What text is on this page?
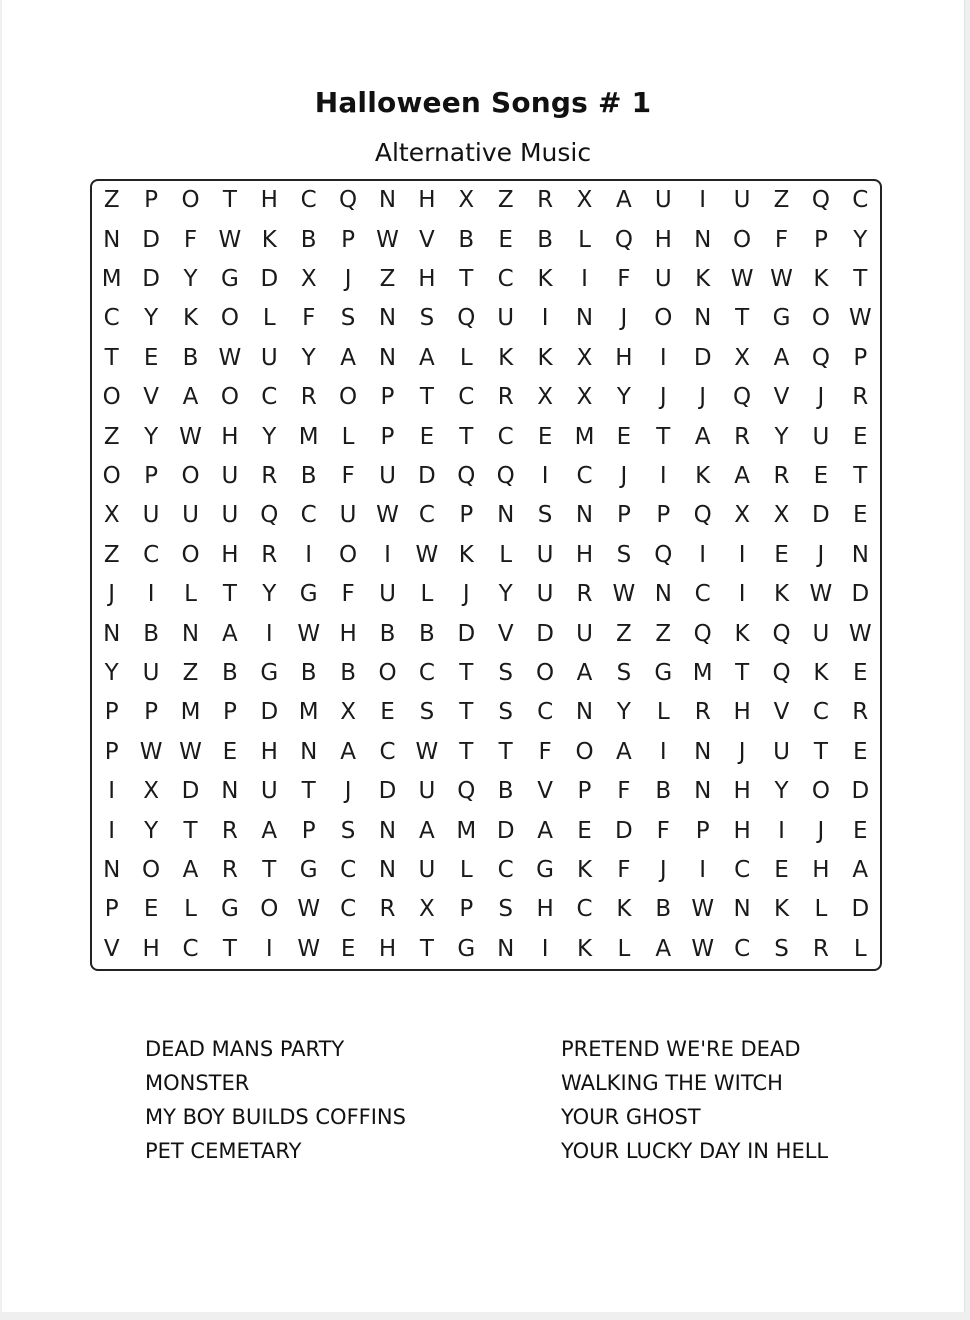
Halloween Songs # 1
Alternative Music
Z	P	O	T	H C Q N H X	Z	R	X	A	U	I	U	Z Q C
N D	F W K	B	P W V	B	E	B	L	Q H N O	F	P	Y
M D	Y	G D X	J	Z H	T	C	K	I	F	U	K W W K	T
C	Y	K O	L	F	S	N	S	Q U	I	N	J	O N	T	G O W
T	E	B W U	Y	A N A	L	K	K	X H	I	D X	A Q	P
O V	A O C	R O	P	T	C	R	X	X	Y	J	J	Q V	J	R
Z	Y W H	Y M	L	P	E	T	C	E M E	T	A	R	Y	U	E
O	P	O U R	B	F	U D Q Q	I	C	J	I	K	A	R	E	T
X	U U U Q C U W C	P	N	S	N	P	P	Q X	X D	E
Z	C O H R	I	O	I	W K	L	U H	S	Q	I	I	E	J	N
J	I	L	T	Y	G	F	U	L	J	Y	U R W N C	I	K W D
N B N A	I	W H B	B D V D U	Z	Z Q K Q U W
Y	U	Z	B G B	B O C	T	S	O A	S	G M T	Q K	E
P	P M P	D M X	E	S	T	S	C N	Y	L	R H V	C	R
P W W E	H N A	C W T	T	F	O A	I	N	J	U	T	E
I	X D N U	T	J	D U Q B	V	P	F	B N H	Y	O D
I	Y	T	R	A	P	S	N A M D A	E	D	F	P	H	I	J	E
N O A	R	T	G C N U	L	C G K	F	J	I	C	E	H A
P	E	L	G O W C	R	X	P	S	H C	K	B W N	K	L	D
V H C	T	I	W E	H	T	G N	I	K	L	A W C	S	R	L
DEAD MANS PARTY
MONSTER
MY BOY BUILDS COFFINS
PET CEMETARY
PRETEND WE'RE DEAD
WALKING THE WITCH
YOUR GHOST
YOUR LUCKY DAY IN HELL
